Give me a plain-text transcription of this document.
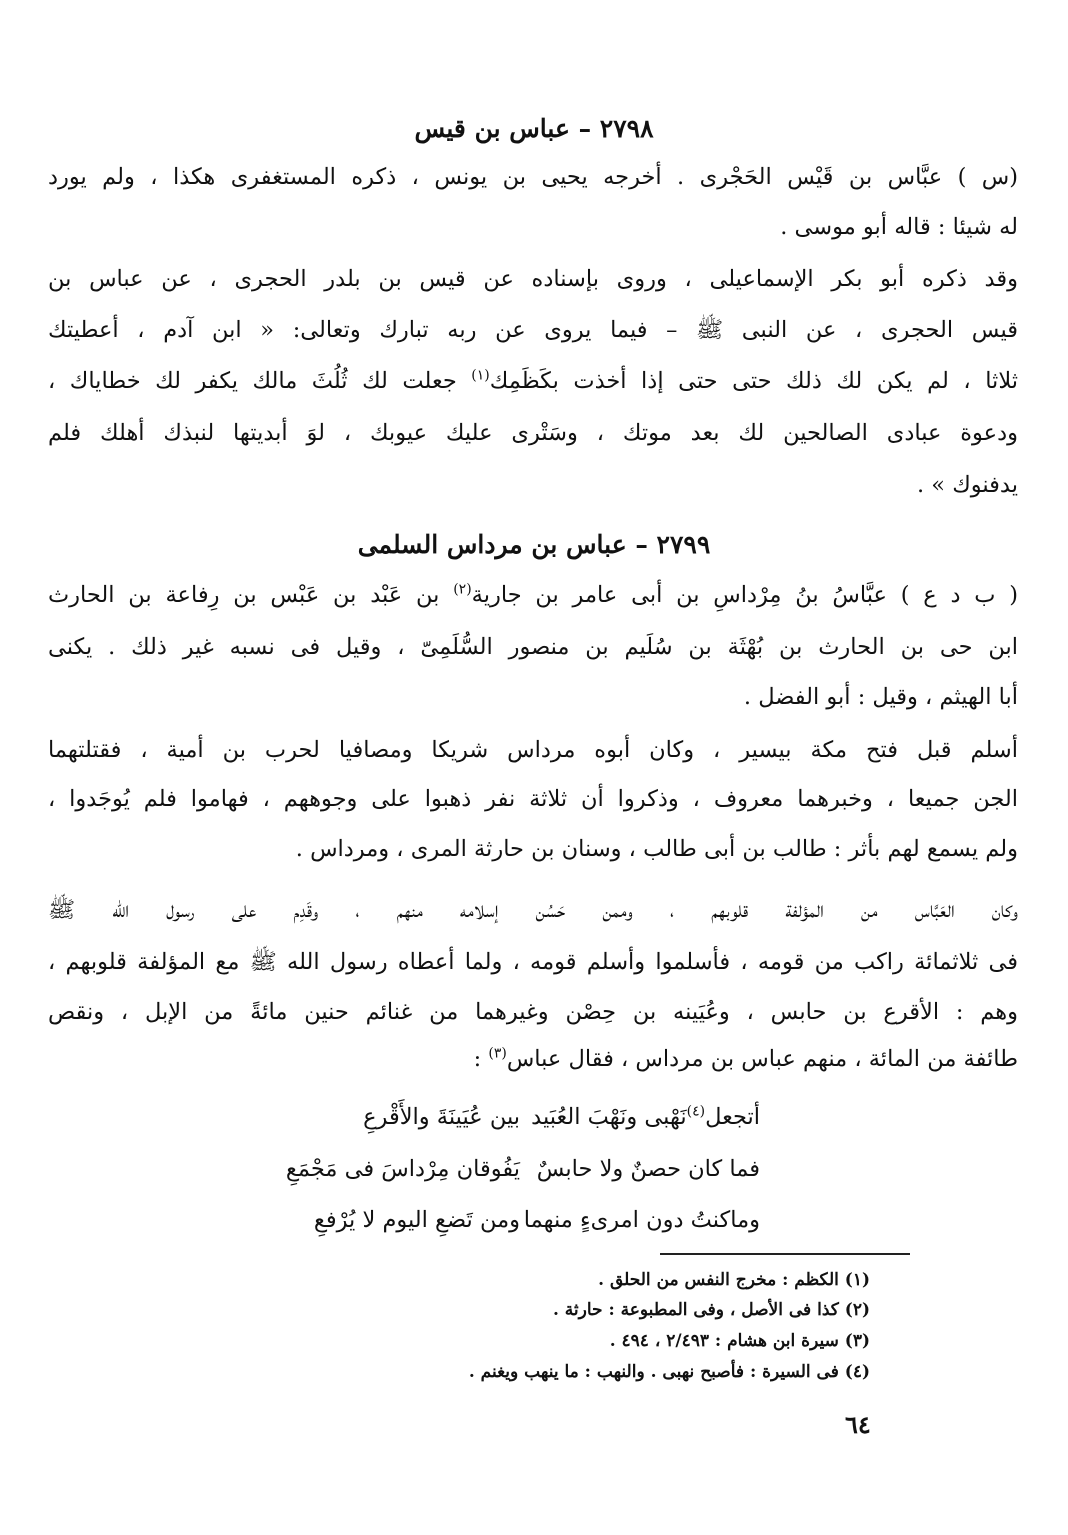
٢٧٩٨ – عباس بن قيس
(س ) عبَّاس بن قَيْس الحَجْرى . أخرجه يحيى بن يونس ، ذكره المستغفرى هكذا ، ولم يورد
له شيئا : قاله أبو موسى .
وقد ذكره أبو بكر الإسماعيلى ، وروى بإسناده عن قيس بن بلدر الحجرى ، عن عباس بن
قيس الحجرى ، عن النبى ﷺ – فيما يروى عن ربه تبارك وتعالى: « ابن آدم ، أعطيتك
ثلاثا ، لم يكن لك ذلك حتى حتى إذا أخذت بكَظَمِك$^{(١)}$ جعلت لك ثُلُثَ مالك يكفر لك خطاياك ،
ودعوة عبادى الصالحين لك بعد موتك ، وسَتْرى عليك عيوبك ، لوَ أبديتها لنبذك أهلك فلم
يدفنوك » .
٢٧٩٩ – عباس بن مرداس السلمى
( ب د ع ) عبَّاسُ بنُ مِرْداسِ بن أبى عامر بن جارية$^{(٢)}$ بن عَبْد بن عَبْس بن رِفاعة بن الحارث
ابن حى بن الحارث بن بُهْثَة بن سُلَيم بن منصور السُّلَمِىّ ، وقيل فى نسبه غير ذلك . يكنى
أبا الهيثم ، وقيل : أبو الفضل .
أسلم قبل فتح مكة بيسير ، وكان أبوه مرداس شريكا ومصافيا لحرب بن أمية ، فقتلتهما
الجن جميعا ، وخبرهما معروف ، وذكروا أن ثلاثة نفر ذهبوا على وجوههم ، فهاموا فلم يُوجَدوا ،
ولم يسمع لهم بأثر : طالب بن أبى طالب ، وسنان بن حارثة المرى ، ومرداس .
وكان العَبَّاس من المؤلفة قلوبهم ، وممن حَسُن إسلامه منهم ، وقَدِم على رسول الله ﷺ
فى ثلاثمائة راكب من قومه ، فأسلموا وأسلم قومه ، ولما أعطاه رسول الله ﷺ مع المؤلفة قلوبهم ،
وهم : الأقرع بن حابس ، وعُيَينه بن حِصْن وغيرهما من غنائم حنين مائةً من الإبل ، ونقص
طائفة من المائة ، منهم عباس بن مرداس ، فقال عباس$^{(٣)}$ :
أتجعل$^{(٤)}$نَهْبى ونَهْبَ العُبَيد
بين عُيَينَةَ والأَقْرعِ
فما كان حصنٌ ولا حابسٌ
يَفُوقان مِرْداسَ فى مَجْمَعِ
وماكنتُ دون امرىءٍ منهما
ومن تَضعِ اليوم لا يُرْفعِ
(١) الكظم : مخرج النفس من الحلق .
(٢) كذا فى الأصل ، وفى المطبوعة : حارثة .
(٣) سيرة ابن هشام : ٢/٤٩٣ ، ٤٩٤ .
(٤) فى السيرة : فأصبح نهبى . والنهب : ما ينهب ويغنم .
٦٤
